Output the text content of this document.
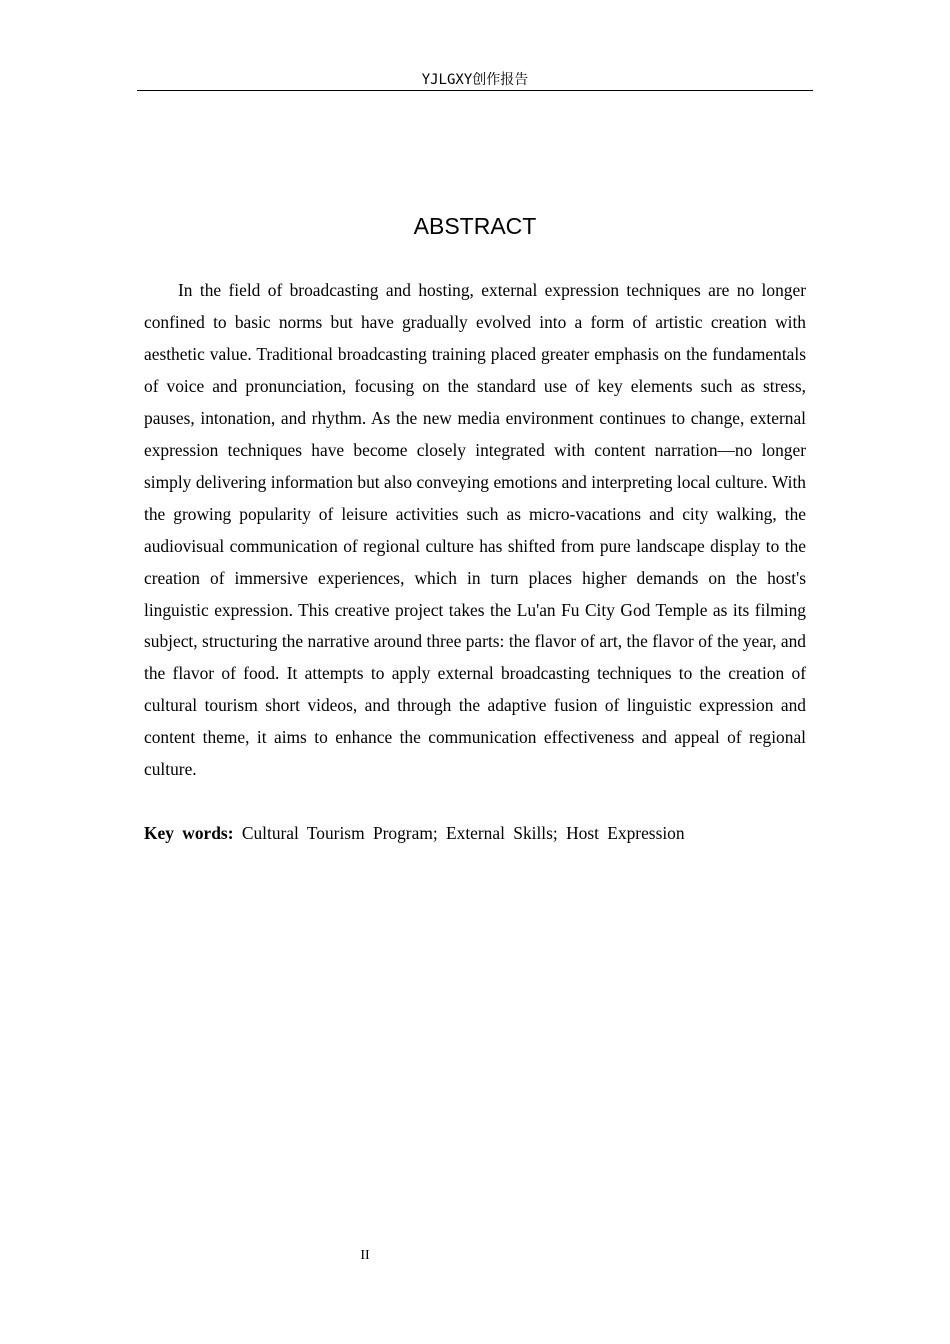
YJLGXY创作报告
ABSTRACT

In the field of broadcasting and hosting, external expression techniques are no longer confined to basic norms but have gradually evolved into a form of artistic creation with aesthetic value. Traditional broadcasting training placed greater emphasis on the fundamentals of voice and pronunciation, focusing on the standard use of key elements such as stress, pauses, intonation, and rhythm. As the new media environment continues to change, external expression techniques have become closely integrated with content narration—no longer simply delivering information but also conveying emotions and interpreting local culture. With the growing popularity of leisure activities such as micro-vacations and city walking, the audiovisual communication of regional culture has shifted from pure landscape display to the creation of immersive experiences, which in turn places higher demands on the host's linguistic expression. This creative project takes the Lu'an Fu City God Temple as its filming subject, structuring the narrative around three parts: the flavor of art, the flavor of the year, and the flavor of food. It attempts to apply external broadcasting techniques to the creation of cultural tourism short videos, and through the adaptive fusion of linguistic expression and content theme, it aims to enhance the communication effectiveness and appeal of regional culture.

Key words: Cultural Tourism Program; External Skills; Host Expression

II
